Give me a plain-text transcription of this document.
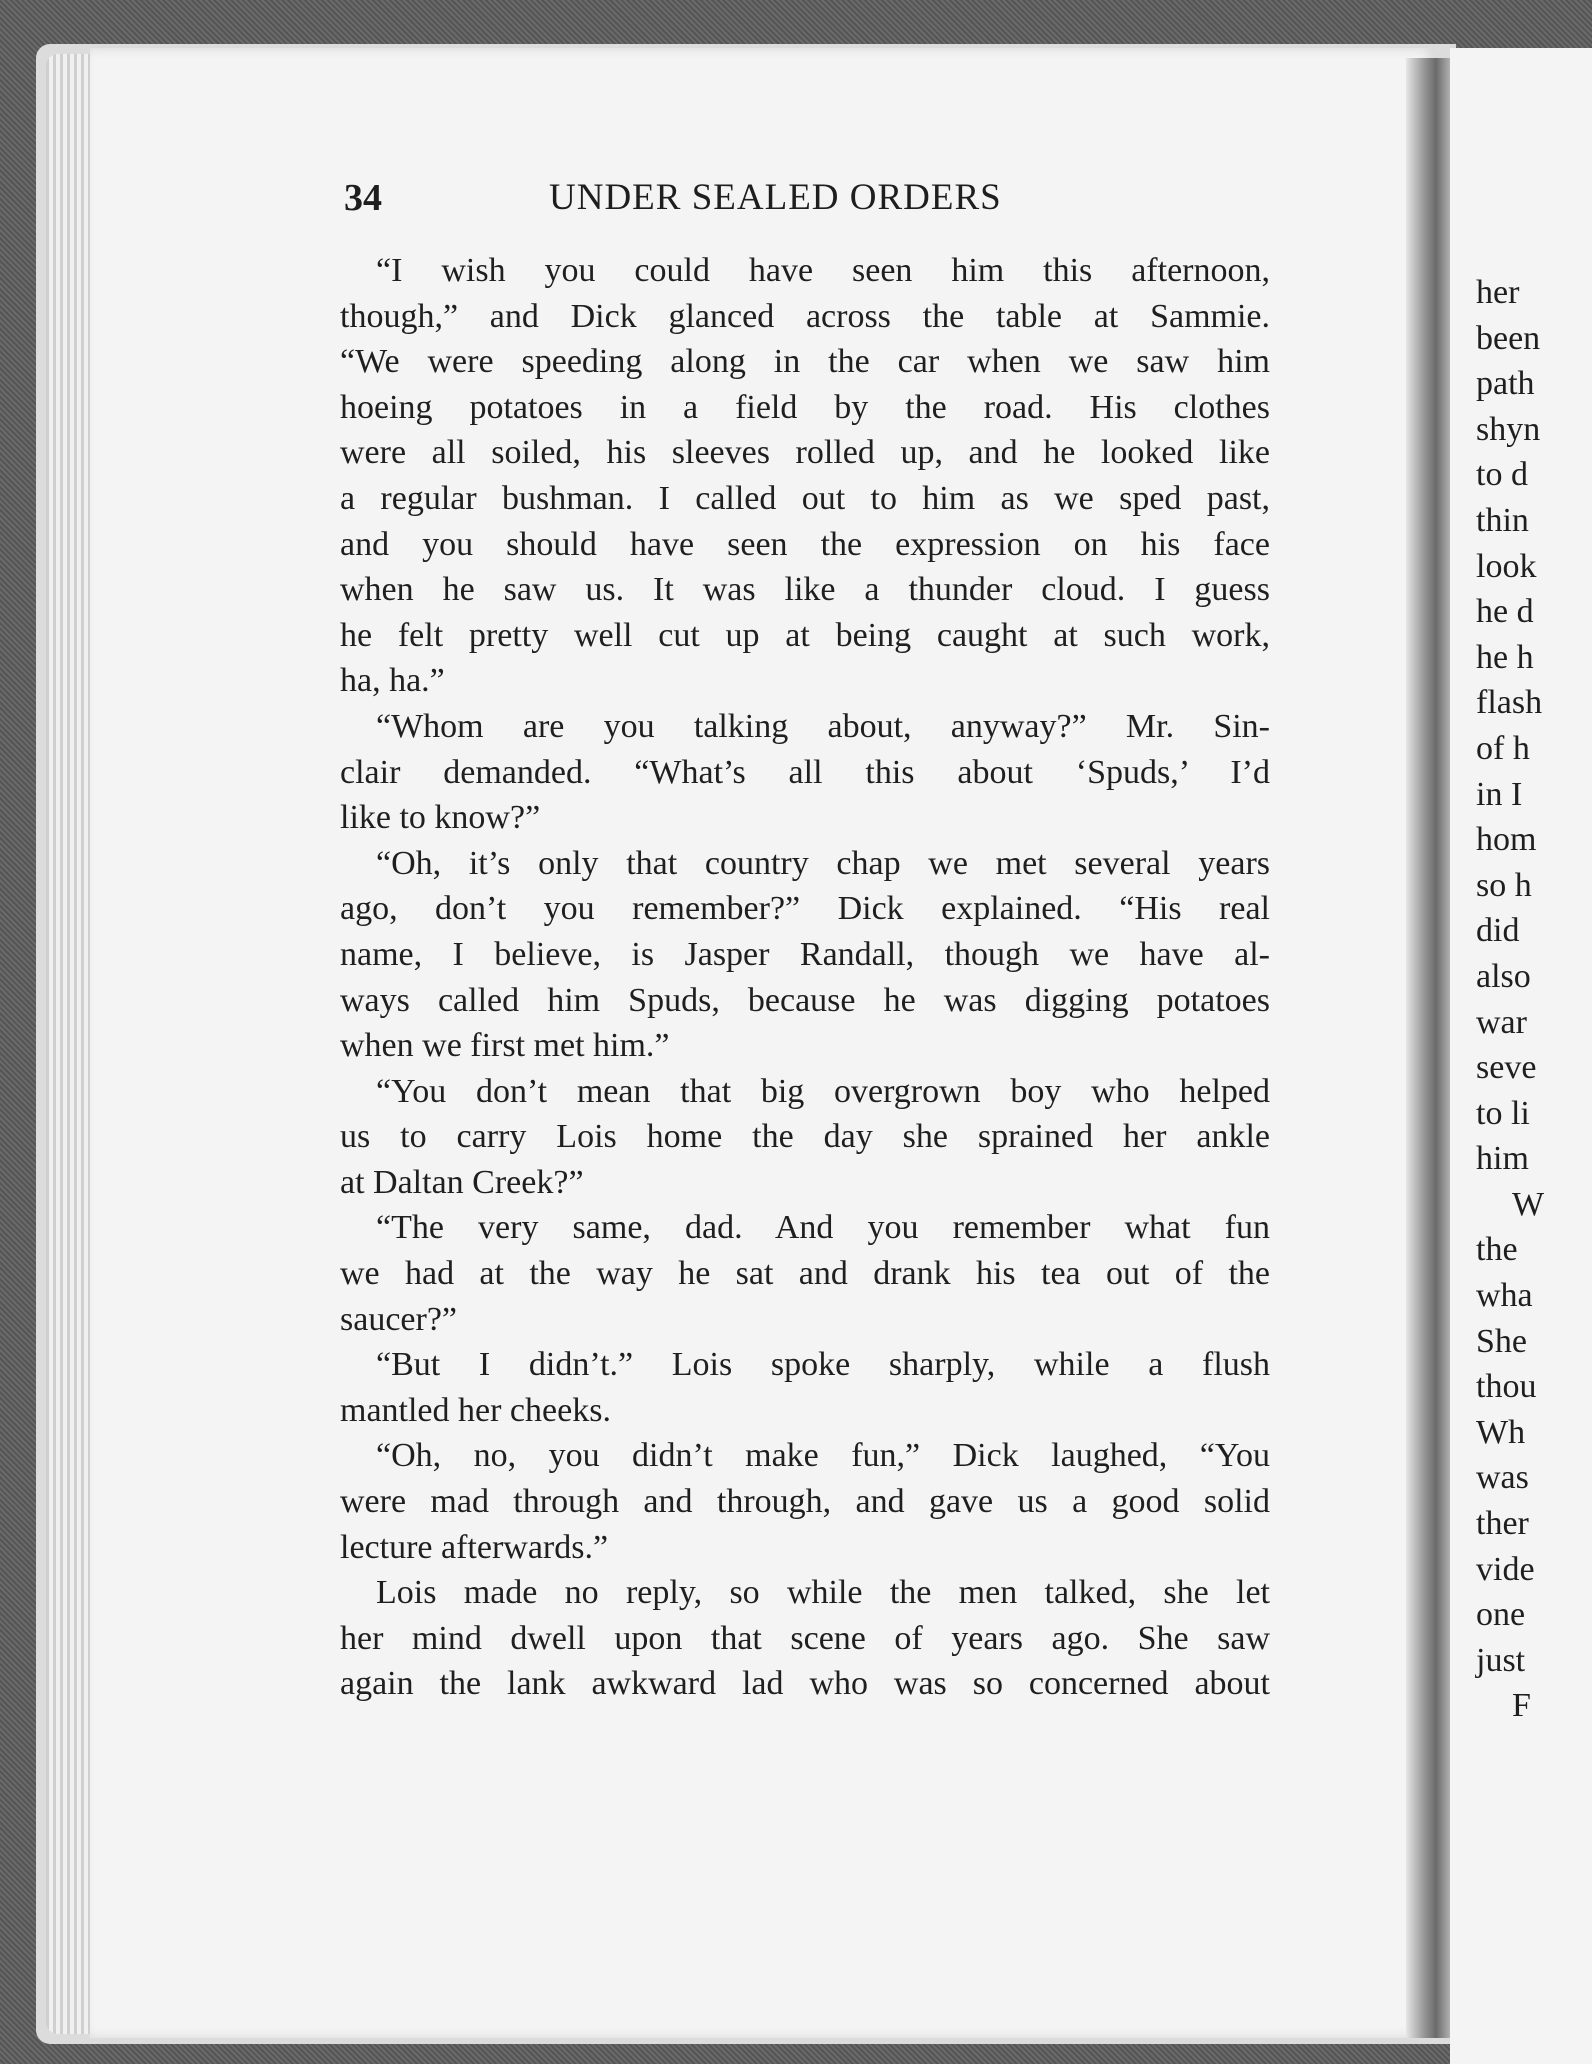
her
been
path
shyn
to d
thin
look
he d
he h
flash
of h
in I
hom
so h
did
also
war
seve
to li
him
W
the
wha
She
thou
Wh
was
ther
vide
one
just
F
34	UNDER SEALED ORDERS
“I wish you could have seen him this afternoon,
though,” and Dick glanced across the table at Sammie.
“We were speeding along in the car when we saw him
hoeing potatoes in a field by the road. His clothes
were all soiled, his sleeves rolled up, and he looked like
a regular bushman. I called out to him as we sped past,
and you should have seen the expression on his face
when he saw us. It was like a thunder cloud. I guess
he felt pretty well cut up at being caught at such work,
ha, ha.”
“Whom are you talking about, anyway?” Mr. Sin-
clair demanded. “What’s all this about ‘Spuds,’ I’d
like to know?”
“Oh, it’s only that country chap we met several years
ago, don’t you remember?” Dick explained. “His real
name, I believe, is Jasper Randall, though we have al-
ways called him Spuds, because he was digging potatoes
when we first met him.”
“You don’t mean that big overgrown boy who helped
us to carry Lois home the day she sprained her ankle
at Daltan Creek?”
“The very same, dad. And you remember what fun
we had at the way he sat and drank his tea out of the
saucer?”
“But I didn’t.” Lois spoke sharply, while a flush
mantled her cheeks.
“Oh, no, you didn’t make fun,” Dick laughed, “You
were mad through and through, and gave us a good solid
lecture afterwards.”
Lois made no reply, so while the men talked, she let
her mind dwell upon that scene of years ago. She saw
again the lank awkward lad who was so concerned about
